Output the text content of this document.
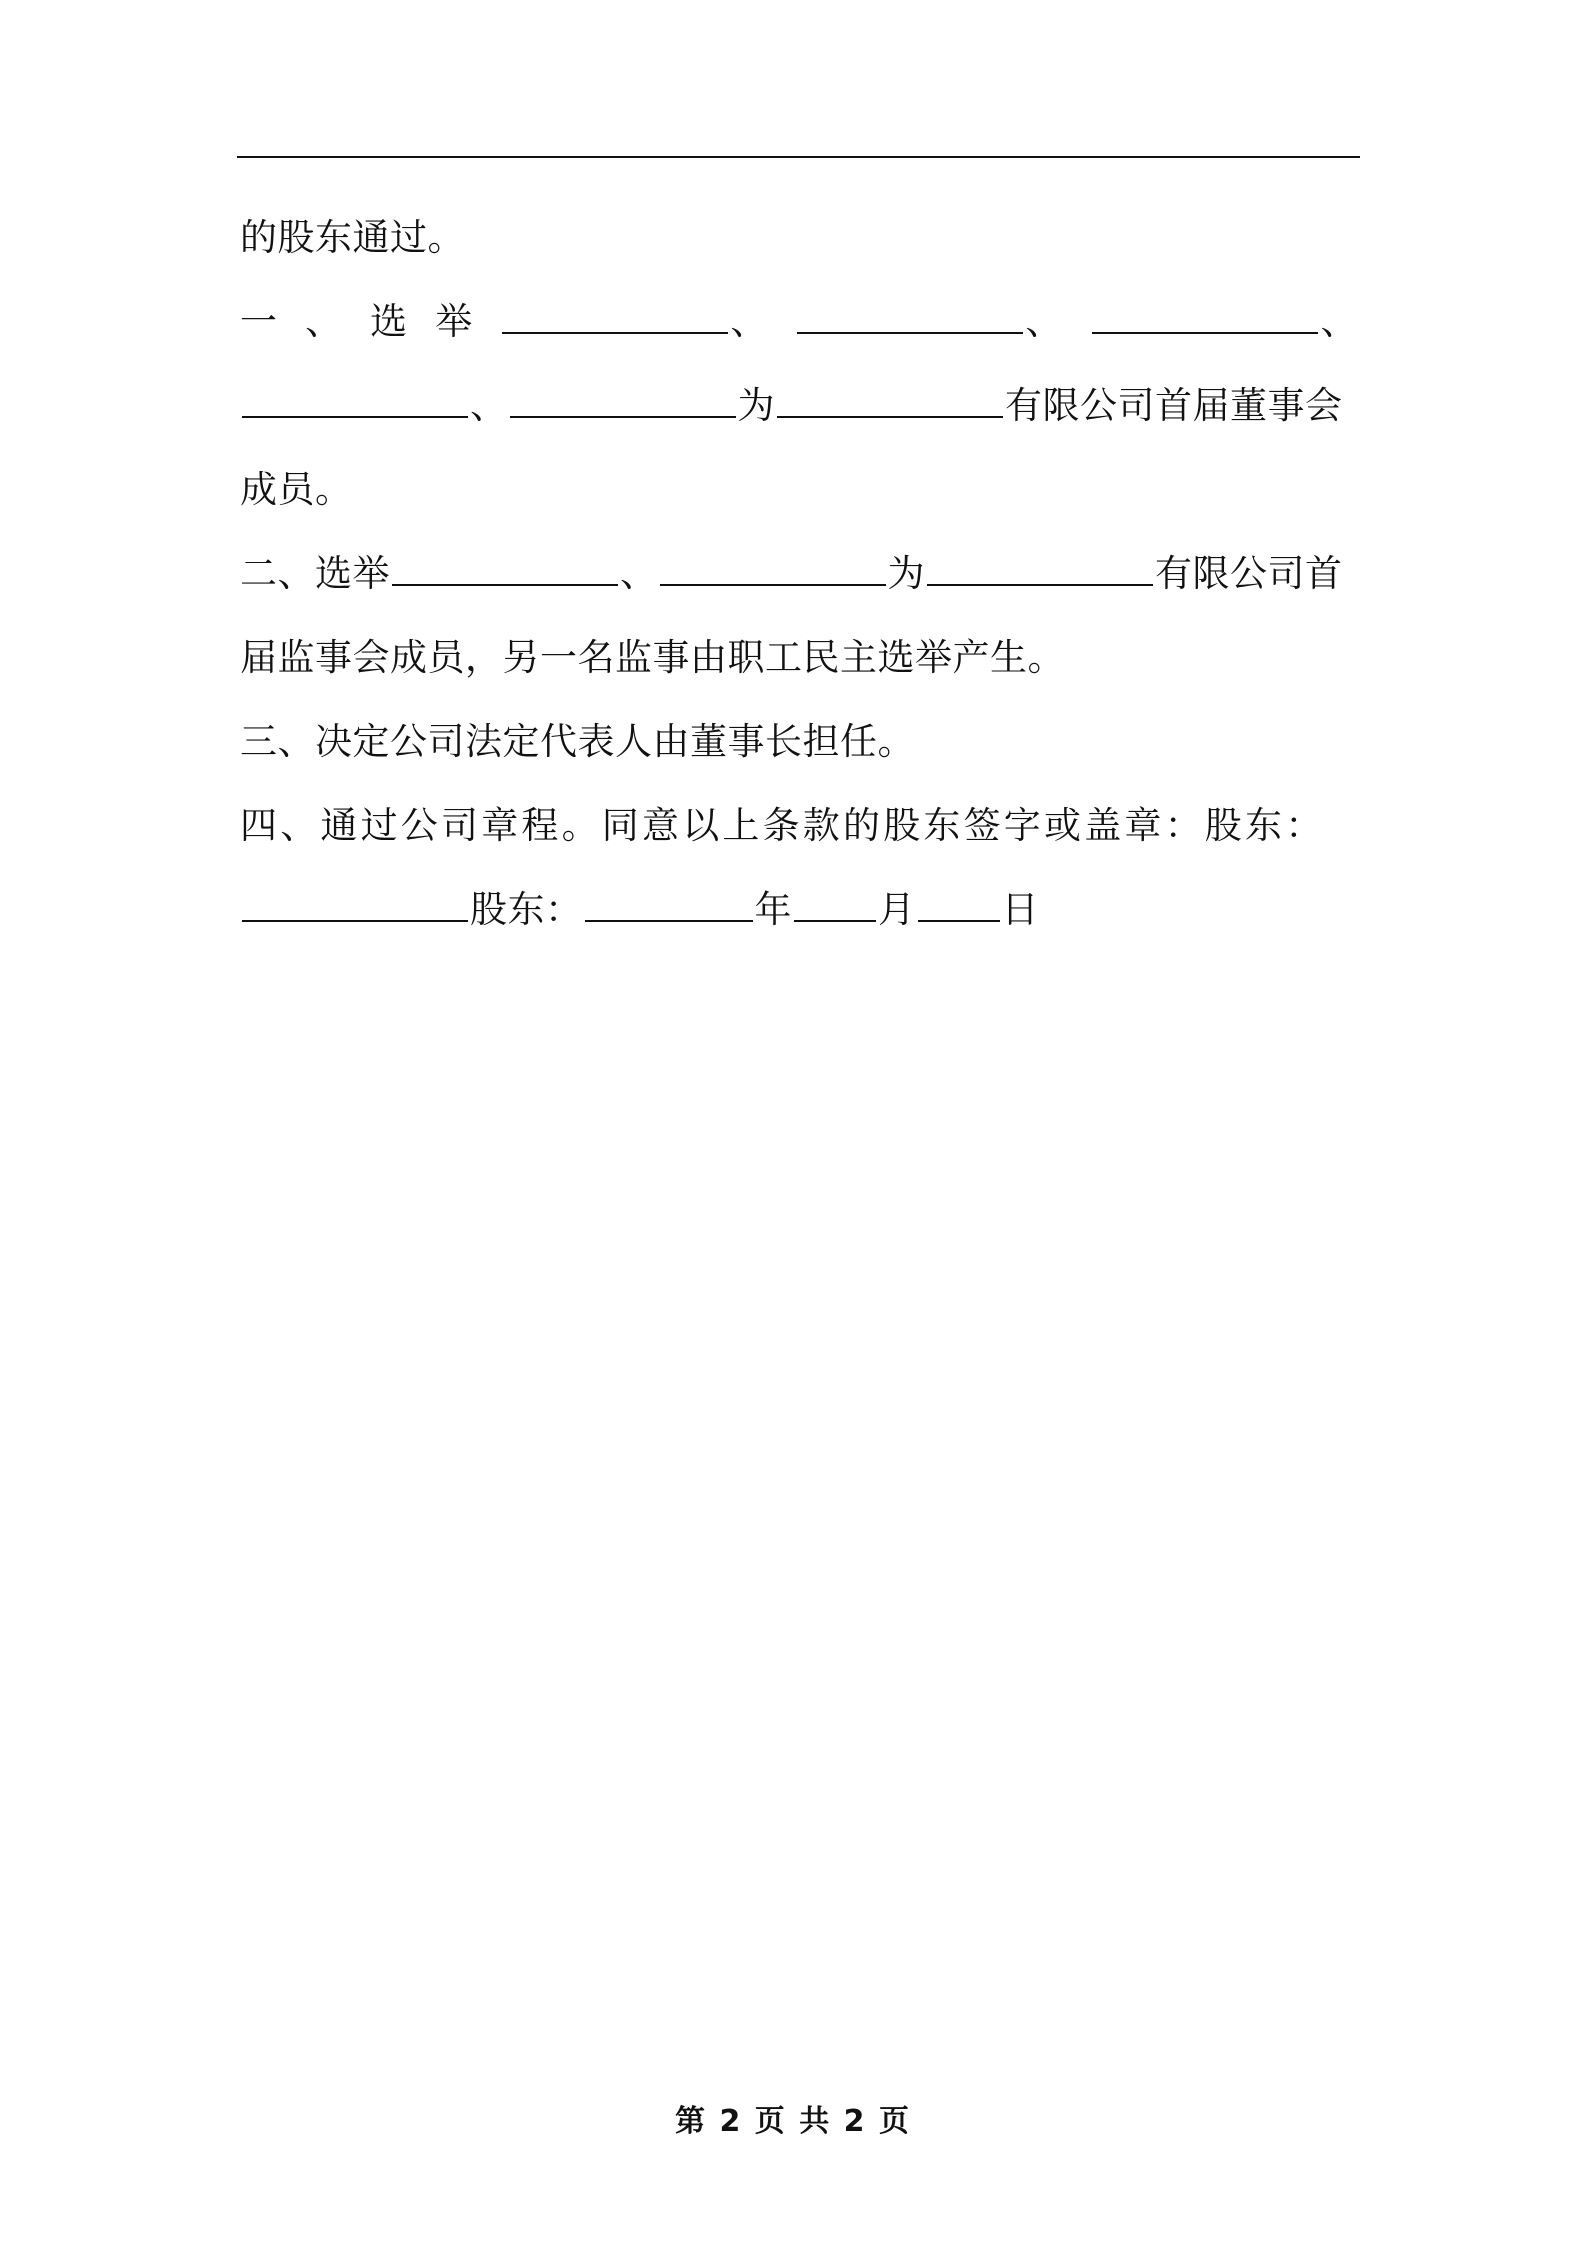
的股东通过。
一 、 选 举	、	、	、
、	为	有限公司首届董事会
成员。
二、选举	、	为	有限公司首
届监事会成员，另一名监事由职工民主选举产生。
三、决定公司法定代表人由董事长担任。
四、通过公司章程。同意以上条款的股东签字或盖章：股东：
股东：	年 月 日
第 2 页 共 2 页
